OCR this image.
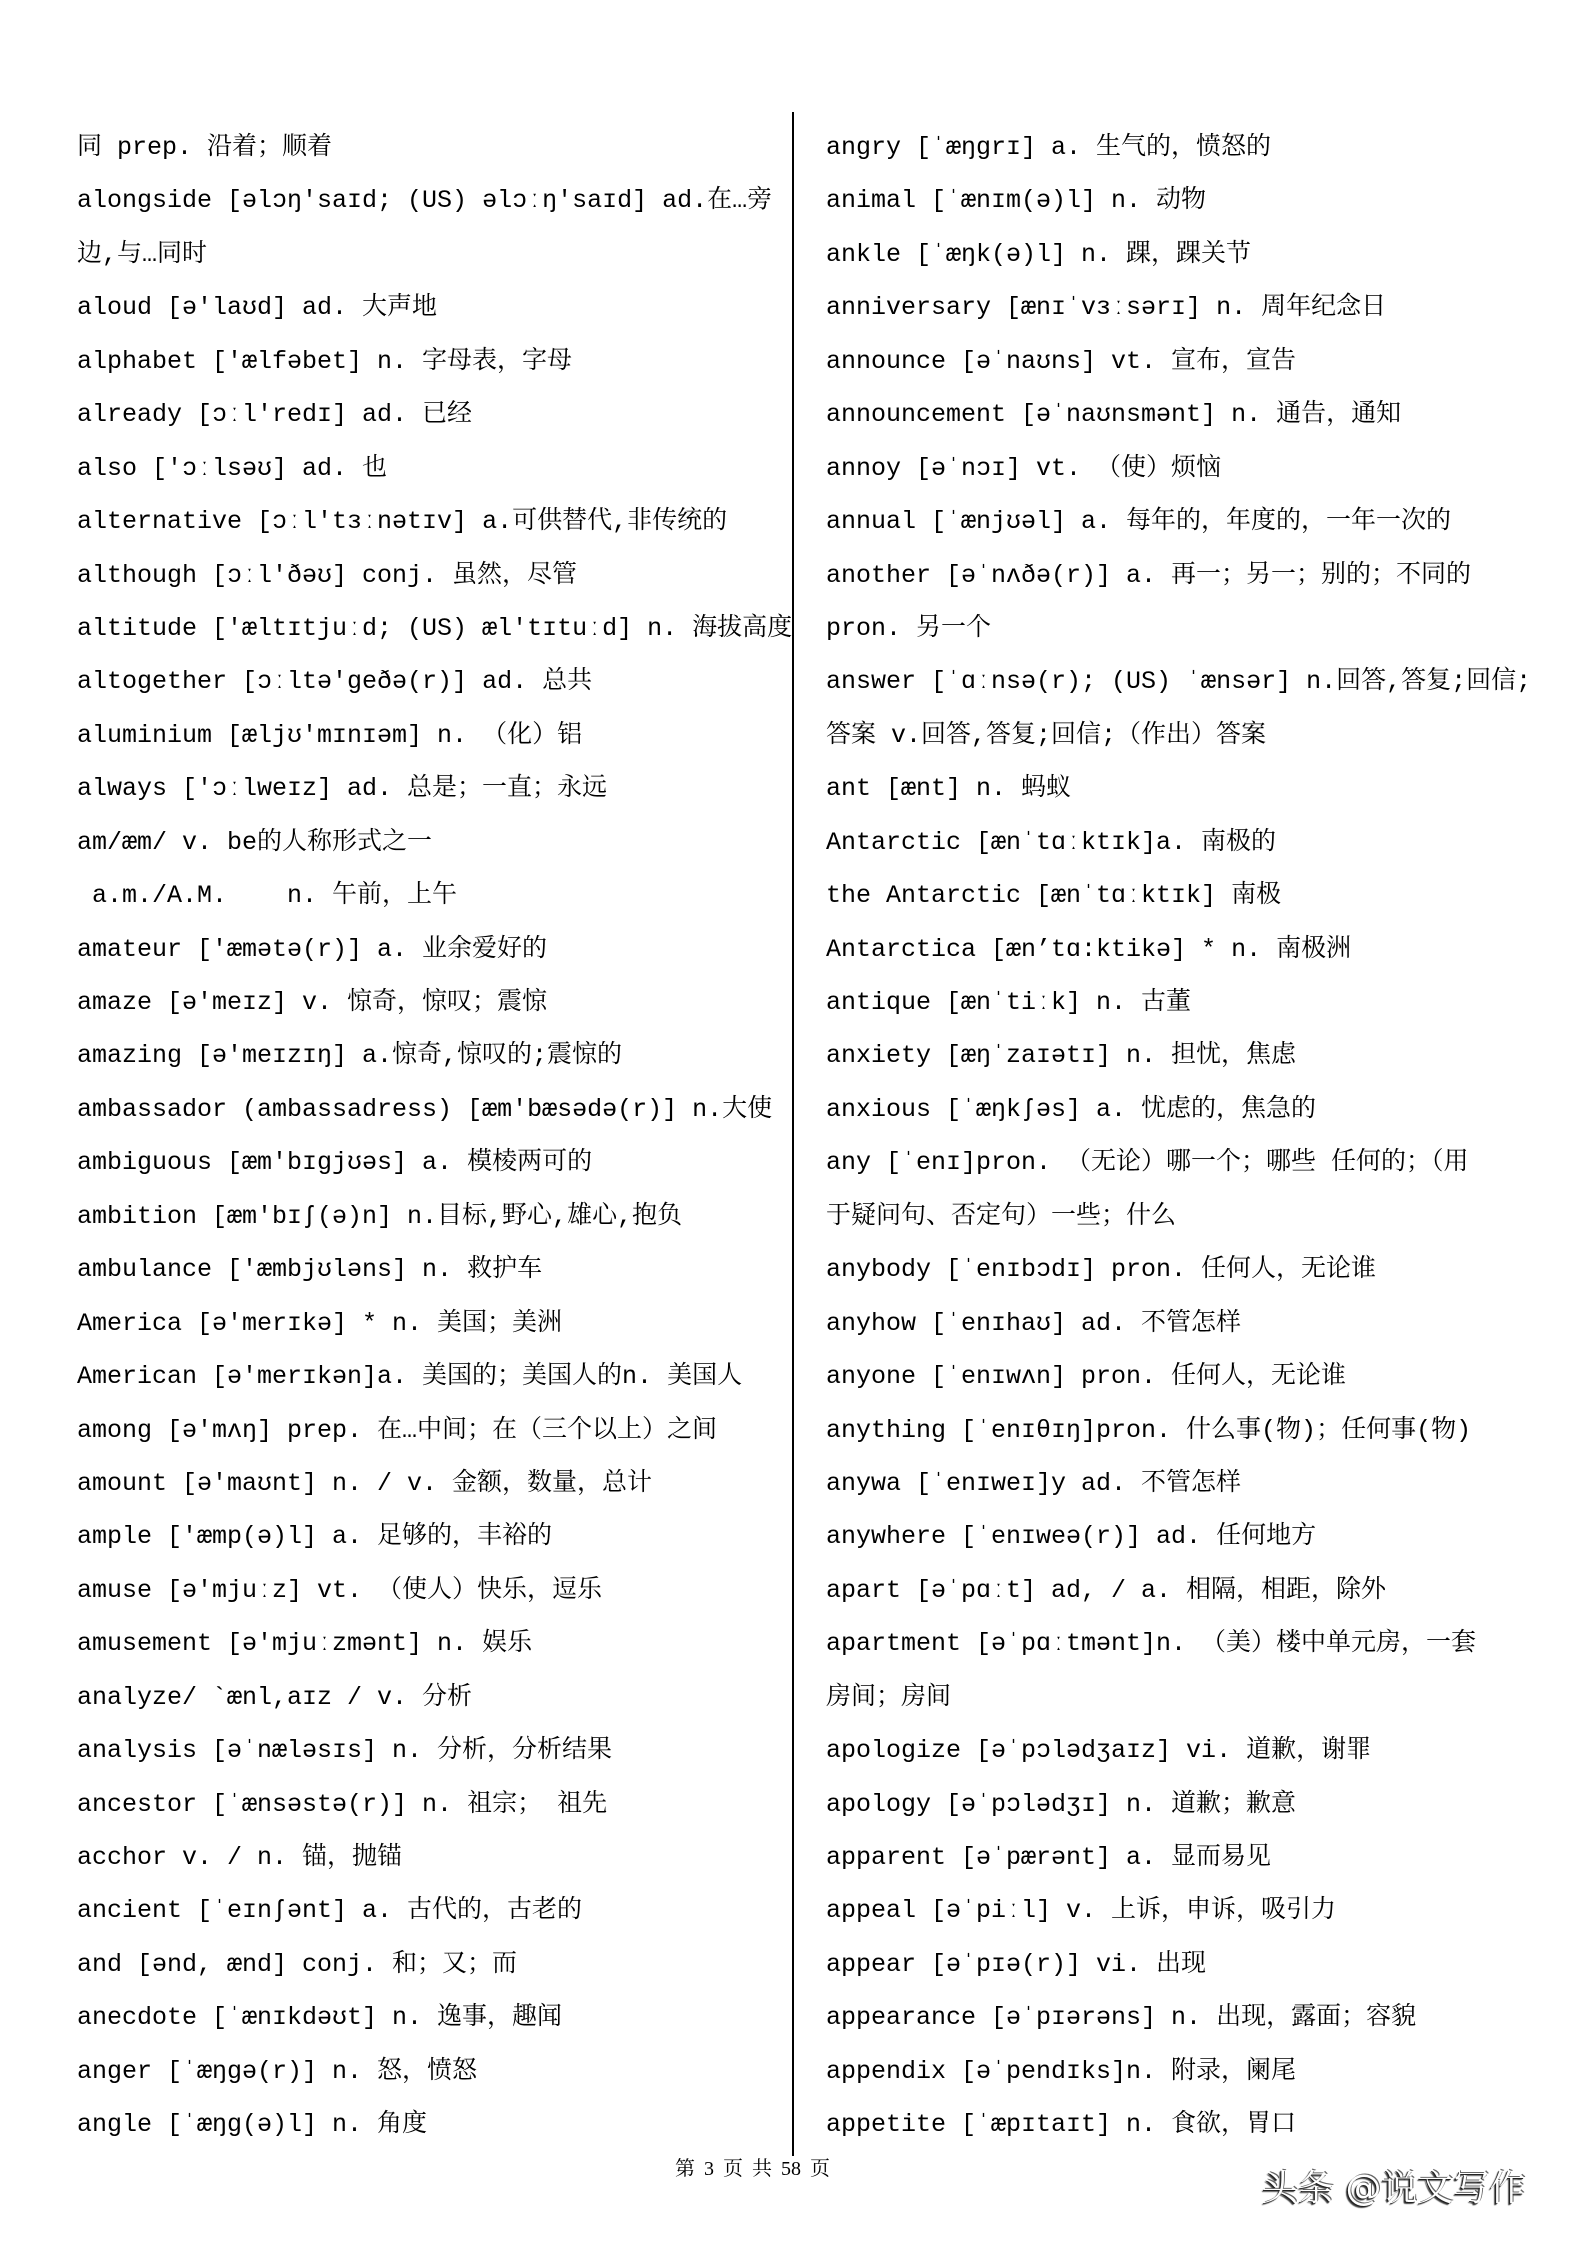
同 prep. 沿着；顺着
alongside [əlɔŋ'saɪd; (US) əlɔːŋ'saɪd] ad.在…旁
边,与…同时
aloud [ə'laʊd] ad. 大声地
alphabet ['ælfəbet] n. 字母表，字母
already [ɔːl'redɪ] ad. 已经
also ['ɔːlsəʊ] ad. 也
alternative [ɔːl'tɜːnətɪv] a.可供替代,非传统的
although [ɔːl'ðəʊ] conj. 虽然，尽管
altitude ['æltɪtjuːd; (US) æl'tɪtuːd] n. 海拔高度
altogether [ɔːltə'geðə(r)] ad. 总共
aluminium [æljʊ'mɪnɪəm] n. （化）铝
always ['ɔːlweɪz] ad. 总是；一直；永远
am/æm/ v. be的人称形式之一
a.m./A.M.    n. 午前，上午
amateur ['æmətə(r)] a. 业余爱好的
amaze [ə'meɪz] v. 惊奇，惊叹；震惊
amazing [ə'meɪzɪŋ] a.惊奇,惊叹的;震惊的
ambassador (ambassadress) [æm'bæsədə(r)] n.大使
ambiguous [æm'bɪgjʊəs] a. 模棱两可的
ambition [æm'bɪʃ(ə)n] n.目标,野心,雄心,抱负
ambulance ['æmbjʊləns] n. 救护车
America [ə'merɪkə] * n. 美国；美洲
American [ə'merɪkən]a. 美国的；美国人的n. 美国人
among [ə'mʌŋ] prep. 在…中间；在（三个以上）之间
amount [ə'maʊnt] n. / v. 金额，数量，总计
ample ['æmp(ə)l] a. 足够的，丰裕的
amuse [ə'mjuːz] vt. （使人）快乐，逗乐
amusement [ə'mjuːzmənt] n. 娱乐
analyze/ `ænl,aɪz / v. 分析
analysis [əˈnæləsɪs] n. 分析，分析结果
ancestor [ˈænsəstə(r)] n. 祖宗； 祖先
acchor v. / n. 锚，抛锚
ancient [ˈeɪnʃənt] a. 古代的，古老的
and [ənd, ænd] conj. 和；又；而
anecdote [ˈænɪkdəʊt] n. 逸事，趣闻
anger [ˈæŋgə(r)] n. 怒，愤怒
angle [ˈæŋg(ə)l] n. 角度
angry [ˈæŋgrɪ] a. 生气的，愤怒的
animal [ˈænɪm(ə)l] n. 动物
ankle [ˈæŋk(ə)l] n. 踝，踝关节
anniversary [ænɪˈvɜːsərɪ] n. 周年纪念日
announce [əˈnaʊns] vt. 宣布，宣告
announcement [əˈnaʊnsmənt] n. 通告，通知
annoy [əˈnɔɪ] vt. （使）烦恼
annual [ˈænjʊəl] a. 每年的，年度的，一年一次的
another [əˈnʌðə(r)] a. 再一；另一；别的；不同的
pron. 另一个
answer [ˈɑːnsə(r); (US) ˈænsər] n.回答,答复;回信;
答案 v.回答,答复;回信;（作出）答案
ant [ænt] n. 蚂蚁
Antarctic [ænˈtɑːktɪk]a. 南极的
the Antarctic [ænˈtɑːktɪk] 南极
Antarctica [æn’tɑ:ktikə] * n. 南极洲
antique [ænˈtiːk] n. 古董
anxiety [æŋˈzaɪətɪ] n. 担忧，焦虑
anxious [ˈæŋkʃəs] a. 忧虑的，焦急的
any [ˈenɪ]pron. （无论）哪一个；哪些 任何的；（用
于疑问句、否定句）一些；什么
anybody [ˈenɪbɔdɪ] pron. 任何人，无论谁
anyhow [ˈenɪhaʊ] ad. 不管怎样
anyone [ˈenɪwʌn] pron. 任何人，无论谁
anything [ˈenɪθɪŋ]pron. 什么事(物)；任何事(物)
anywa [ˈenɪweɪ]y ad. 不管怎样
anywhere [ˈenɪweə(r)] ad. 任何地方
apart [əˈpɑːt] ad, / a. 相隔，相距，除外
apartment [əˈpɑːtmənt]n. （美）楼中单元房，一套
房间；房间
apologize [əˈpɔlədʒaɪz] vi. 道歉，谢罪
apology [əˈpɔlədʒɪ] n. 道歉；歉意
apparent [əˈpærənt] a. 显而易见
appeal [əˈpiːl] v. 上诉，申诉，吸引力
appear [əˈpɪə(r)] vi. 出现
appearance [əˈpɪərəns] n. 出现，露面；容貌
appendix [əˈpendɪks]n. 附录，阑尾
appetite [ˈæpɪtaɪt] n. 食欲，胃口
第 3 页 共 58 页	头条 @说文写作
